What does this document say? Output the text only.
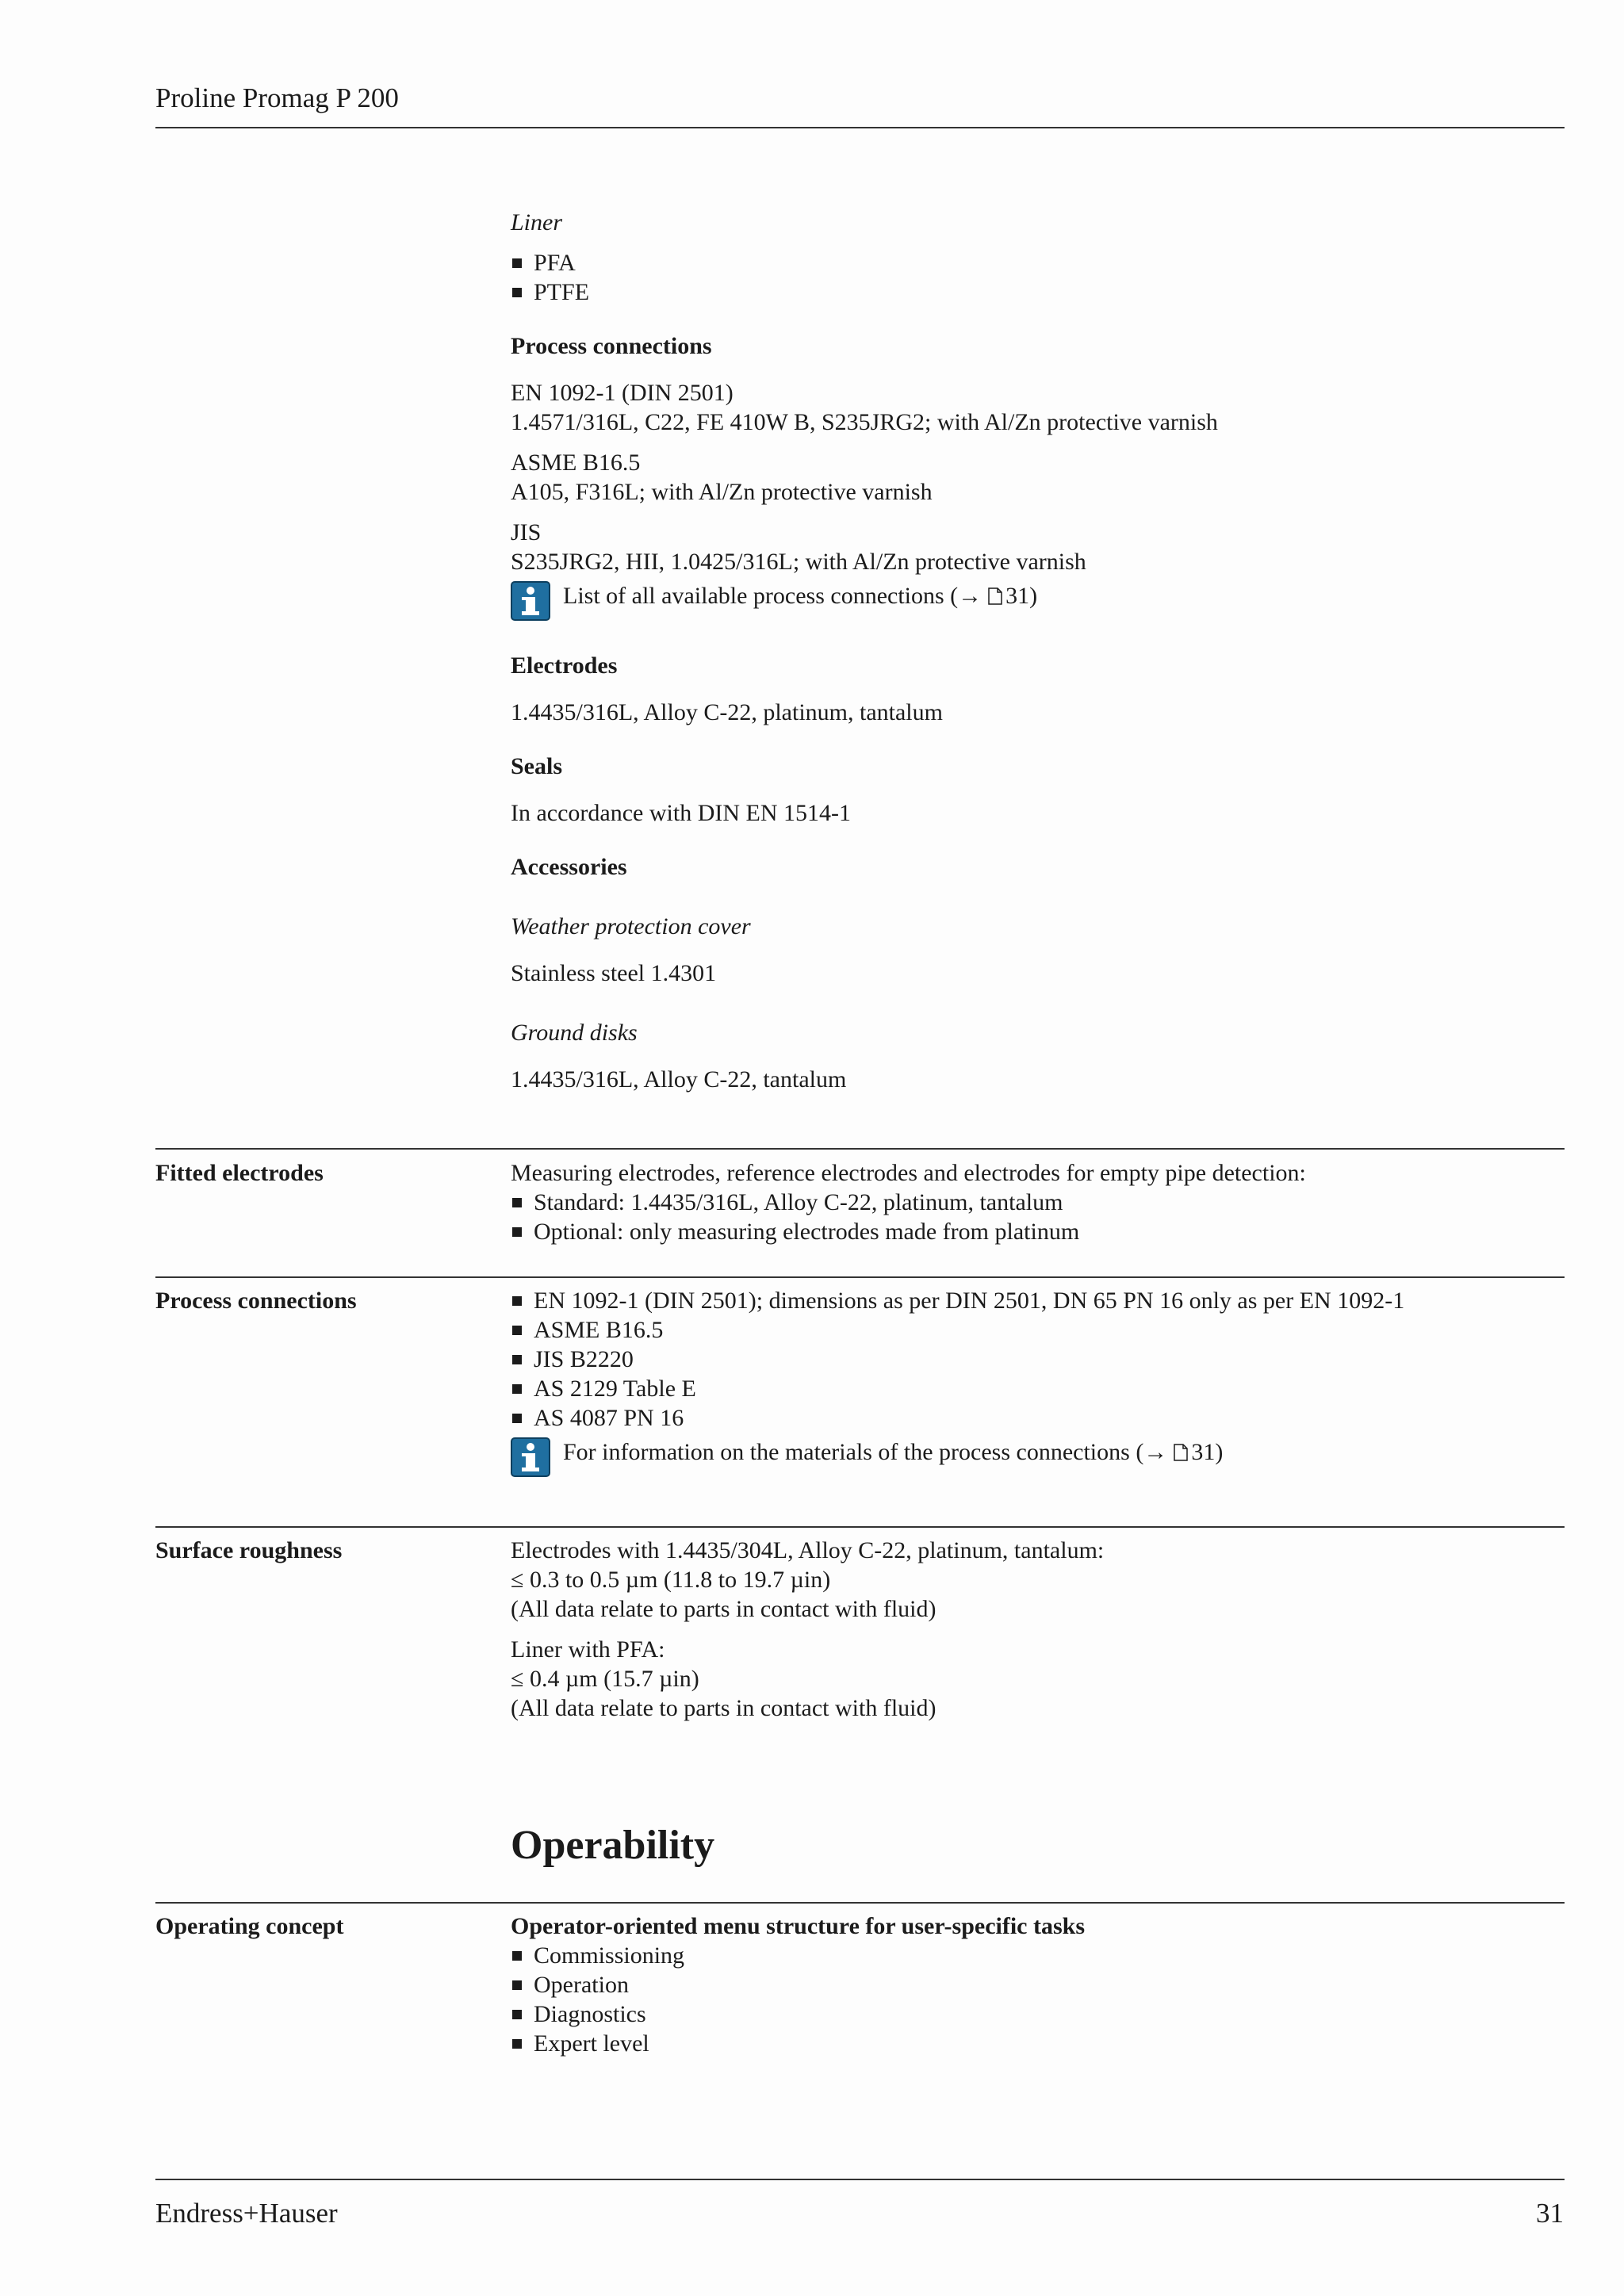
Proline Promag P 200
Liner
PFA
PTFE
Process connections
EN 1092-1 (DIN 2501)
1.4571/316L, C22, FE 410W B, S235JRG2; with Al/Zn protective varnish
ASME B16.5
A105, F316L; with Al/Zn protective varnish
JIS
S235JRG2, HII, 1.0425/316L; with Al/Zn protective varnish
List of all available process connections (→ 31)
Electrodes
1.4435/316L, Alloy C-22, platinum, tantalum
Seals
In accordance with DIN EN 1514-1
Accessories
Weather protection cover
Stainless steel 1.4301
Ground disks
1.4435/316L, Alloy C-22, tantalum
Fitted electrodes	Measuring electrodes, reference electrodes and electrodes for empty pipe detection:
Standard: 1.4435/316L, Alloy C-22, platinum, tantalum
Optional: only measuring electrodes made from platinum
Process connections	EN 1092-1 (DIN 2501); dimensions as per DIN 2501, DN 65 PN 16 only as per EN 1092-1
ASME B16.5
JIS B2220
AS 2129 Table E
AS 4087 PN 16
For information on the materials of the process connections (→ 31)
Surface roughness	Electrodes with 1.4435/304L, Alloy C-22, platinum, tantalum:
≤ 0.3 to 0.5 µm (11.8 to 19.7 µin)
(All data relate to parts in contact with fluid)
Liner with PFA:
≤ 0.4 µm (15.7 µin)
(All data relate to parts in contact with fluid)
Operability
Operating concept	Operator-oriented menu structure for user-specific tasks
Commissioning
Operation
Diagnostics
Expert level
Endress+Hauser	31
